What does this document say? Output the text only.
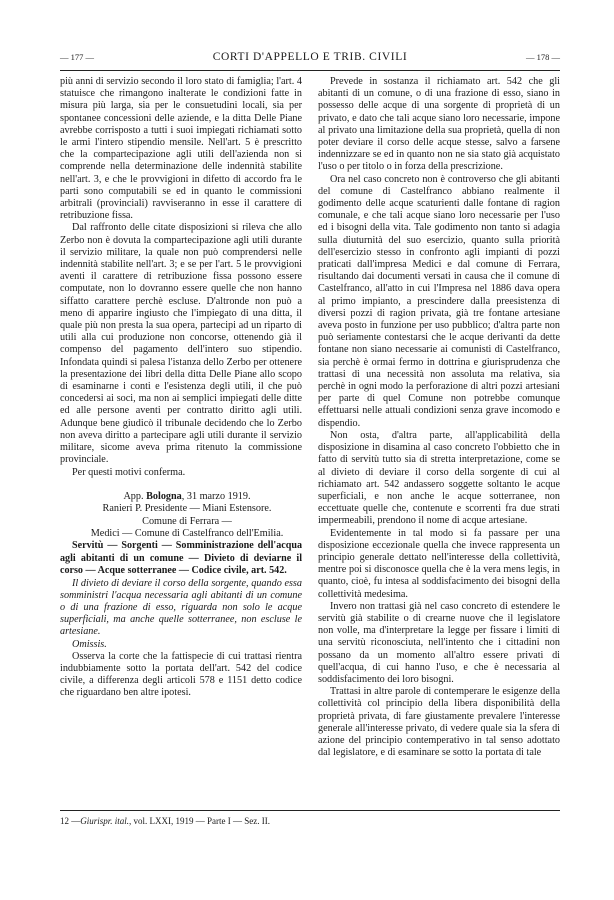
— 177 —	CORTI D'APPELLO E TRIB. CIVILI	— 178 —

più anni di servizio secondo il loro stato di famiglia; l'art. 4 statuisce che rimangono inalterate le condizioni fatte in misura più larga, sia per le consuetudini locali, sia per spontanee concessioni delle aziende, e la ditta Delle Piane avrebbe corrisposto a tutti i suoi impiegati richiamati sotto le armi l'intero stipendio mensile. Nell'art. 5 è prescritto che la compartecipazione agli utili dell'azienda non si comprende nella determinazione delle indennità stabilite nell'art. 3, e che le provvigioni in difetto di accordo fra le parti sono computabili se ed in quanto le commissioni arbitrali (provinciali) ravviseranno in esse il carattere di retribuzione fissa.

Dal raffronto delle citate disposizioni si rileva che allo Zerbo non è dovuta la compartecipazione agli utili durante il servizio militare, la quale non può comprendersi nelle indennità stabilite nell'art. 3; e se per l'art. 5 le provvigioni aventi il carattere di retribuzione fissa possono essere computate, non lo dovranno essere quelle che non hanno siffatto carattere perchè escluse. D'altronde non può a meno di apparire ingiusto che l'impiegato di una ditta, il quale più non presta la sua opera, partecipi ad un riparto di utili alla cui produzione non concorse, ottenendo già il compenso del pagamento dell'intero suo stipendio. Infondata quindi si palesa l'istanza dello Zerbo per ottenere la presentazione dei libri della ditta Delle Piane allo scopo di esaminarne i conti e l'esistenza degli utili, il che può concedersi ai soci, ma non ai semplici impiegati delle ditte ed alle persone aventi per contratto diritto agli utili. Adunque bene giudicò il tribunale decidendo che lo Zerbo non aveva diritto a partecipare agli utili durante il servizio militare, sicome aveva prima ritenuto la commissione provinciale.

Per questi motivi conferma.

App. Bologna, 31 marzo 1919.

Ranieri P. Presidente — Miani Estensore.

Comune di Ferrara —

Medici — Comune di Castelfranco dell'Emilia.

Servitù — Sorgenti — Somministrazione dell'acqua agli abitanti di un comune — Divieto di deviarne il corso — Acque sotterranee — Codice civile, art. 542.

Il divieto di deviare il corso della sorgente, quando essa somministri l'acqua necessaria agli abitanti di un comune o di una frazione di esso, riguarda non solo le acque superficiali, ma anche quelle sotterranee, non escluse le artesiane.

Omissis.

Osserva la corte che la fattispecie di cui trattasi rientra indubbiamente sotto la portata dell'art. 542 del codice civile, a differenza degli articoli 578 e 1151 detto codice che riguardano ben altre ipotesi.

Prevede in sostanza il richiamato art. 542 che gli abitanti di un comune, o di una frazione di esso, siano in possesso delle acque di una sorgente di proprietà di un privato, e dato che tali acque siano loro necessarie, impone al privato una limitazione della sua proprietà, quella di non poter deviare il corso delle acque stesse, salvo a farsene indennizzare se ed in quanto non ne sia stato già acquistato l'uso o per titolo o in forza della prescrizione.

Ora nel caso concreto non è controverso che gli abitanti del comune di Castelfranco abbiano realmente il godimento delle acque scaturienti dalle fontane di ragion comunale, e che tali acque siano loro necessarie per l'uso ed i bisogni della vita. Tale godimento non tanto si adagia sulla diuturnità del suo esercizio, quanto sulla priorità dell'esercizio stesso in confronto agli impianti di pozzi praticati dall'impresa Medici e dal comune di Ferrara, risultando dai documenti versati in causa che il comune di Castelfranco, all'atto in cui l'Impresa nel 1886 dava opera al primo impianto, a prescindere dalla preesistenza di diversi pozzi di ragion privata, già tre fontane artesiane aveva posto in funzione per uso pubblico; d'altra parte non può seriamente contestarsi che le acque derivanti da dette fontane non siano necessarie ai comunisti di Castelfranco, sia perchè è ormai fermo in dottrina e giurisprudenza che trattasi di una necessità non assoluta ma relativa, sia perchè in ogni modo la perforazione di altri pozzi artesiani per parte di quel Comune non potrebbe comunque effettuarsi nelle attuali condizioni senza grave incomodo e dispendio.

Non osta, d'altra parte, all'applicabilità della disposizione in disamina al caso concreto l'obbietto che in fatto di servitù tutto sia di stretta interpretazione, come se al divieto di deviare il corso della sorgente di cui al richiamato art. 542 andassero soggette soltanto le acque superficiali, e non anche le acque sotterranee, non eccettuate quelle che, contenute e scorrenti fra due strati impermeabili, prendono il nome di acque artesiane.

Evidentemente in tal modo si fa passare per una disposizione eccezionale quella che invece rappresenta un principio generale dettato nell'interesse della collettività, mentre poi si disconosce quella che è la vera mens legis, in quanto, cioè, fu intesa al soddisfacimento dei bisogni della collettività medesima.

Invero non trattasi già nel caso concreto di estendere le servitù già stabilite o di crearne nuove che il legislatore non volle, ma d'interpretare la legge per fissare i limiti di una servitù riconosciuta, nell'intento che i cittadini non possano da un momento all'altro essere privati di quell'acqua, di cui hanno l'uso, e che è necessaria al soddisfacimento dei loro bisogni.

Trattasi in altre parole di contemperare le esigenze della collettività col principio della libera disponibilità della proprietà privata, di fare giustamente prevalere l'interesse generale all'interesse privato, di vedere quale sia la sfera di azione del principio contemperativo in tal senso adottato dal legislatore, e di esaminare se sotto la portata di tale

12 — Giurispr. ital. , vol. LXXI, 1919 — Parte I — Sez. II.
